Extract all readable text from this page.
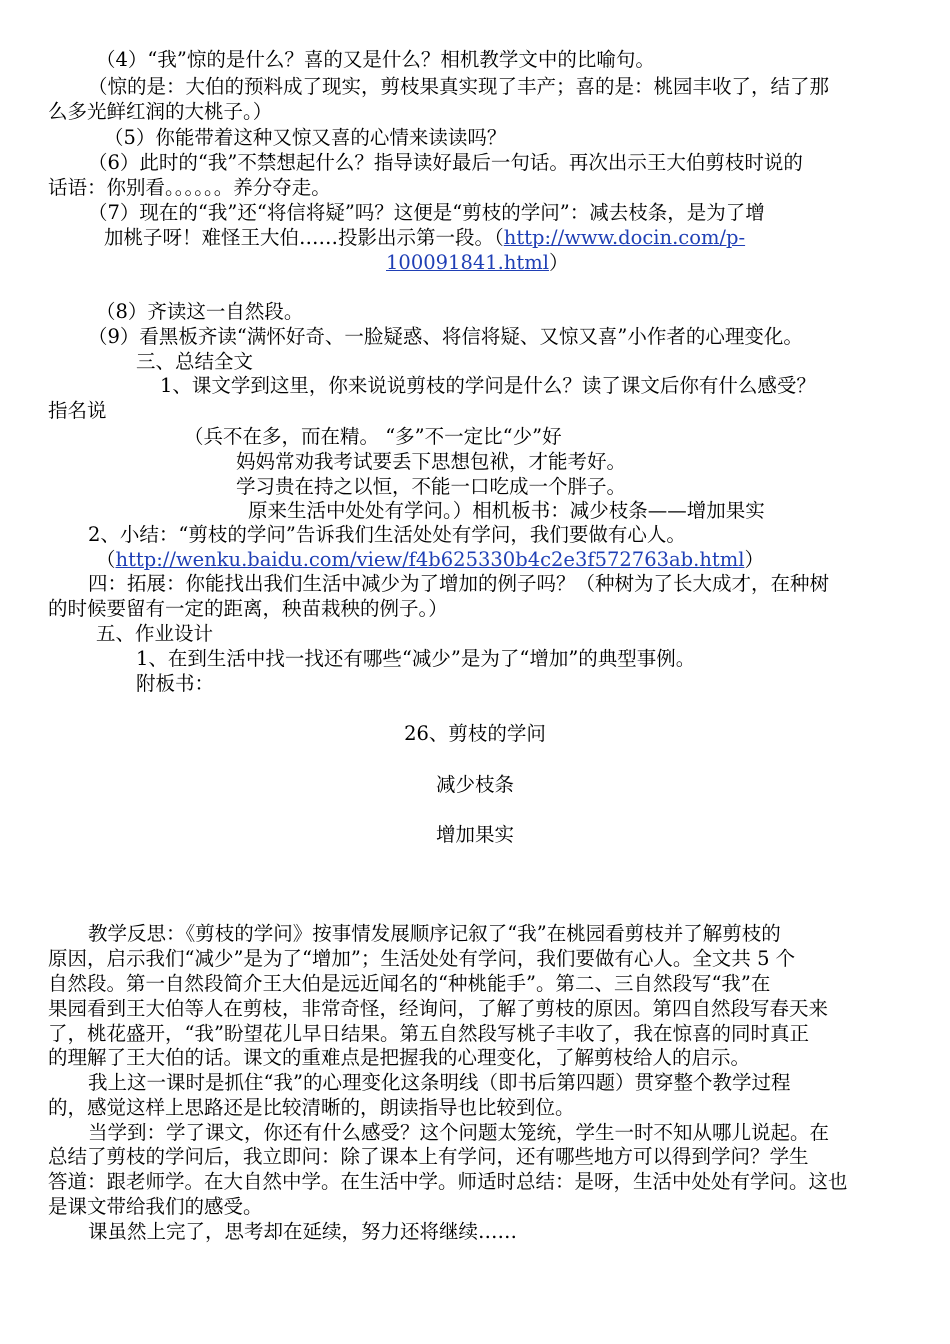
（4）“我”惊的是什么？喜的又是什么？相机教学文中的比喻句。
（惊的是：大伯的预料成了现实，剪枝果真实现了丰产；喜的是：桃园丰收了，结了那
么多光鲜红润的大桃子。）
（5）你能带着这种又惊又喜的心情来读读吗？
（6）此时的“我”不禁想起什么？指导读好最后一句话。再次出示王大伯剪枝时说的
话语：你别看。。。。。。养分夺走。
（7）现在的“我”还“将信将疑”吗？这便是“剪枝的学问”：减去枝条，是为了增
加桃子呀！难怪王大伯……投影出示第一段。（http://www.docin.com/p-
100091841.html）
（8）齐读这一自然段。
（9）看黑板齐读“满怀好奇、一脸疑惑、将信将疑、又惊又喜”小作者的心理变化。
三、总结全文
1、课文学到这里，你来说说剪枝的学问是什么？读了课文后你有什么感受？
指名说
（兵不在多，而在精。 “多”不一定比“少”好
妈妈常劝我考试要丢下思想包袱，才能考好。
学习贵在持之以恒，不能一口吃成一个胖子。
原来生活中处处有学问。）相机板书：减少枝条——增加果实
2、小结：“剪枝的学问”告诉我们生活处处有学问，我们要做有心人。
（http://wenku.baidu.com/view/f4b625330b4c2e3f572763ab.html）
四：拓展：你能找出我们生活中减少为了增加的例子吗？（种树为了长大成才，在种树
的时候要留有一定的距离，秧苗栽秧的例子。）
五、作业设计
1、在到生活中找一找还有哪些“减少”是为了“增加”的典型事例。
附板书：
26、剪枝的学问
减少枝条
增加果实
教学反思：《剪枝的学问》按事情发展顺序记叙了“我”在桃园看剪枝并了解剪枝的
原因，启示我们“减少”是为了“增加”；生活处处有学问，我们要做有心人。全文共 5 个
自然段。第一自然段简介王大伯是远近闻名的“种桃能手”。第二、三自然段写“我”在
果园看到王大伯等人在剪枝，非常奇怪，经询问，了解了剪枝的原因。第四自然段写春天来
了，桃花盛开，“我”盼望花儿早日结果。第五自然段写桃子丰收了，我在惊喜的同时真正
的理解了王大伯的话。课文的重难点是把握我的心理变化，了解剪枝给人的启示。
我上这一课时是抓住“我”的心理变化这条明线（即书后第四题）贯穿整个教学过程
的，感觉这样上思路还是比较清晰的，朗读指导也比较到位。
当学到：学了课文，你还有什么感受？这个问题太笼统，学生一时不知从哪儿说起。在
总结了剪枝的学问后，我立即问：除了课本上有学问，还有哪些地方可以得到学问？学生
答道：跟老师学。在大自然中学。在生活中学。师适时总结：是呀，生活中处处有学问。这也
是课文带给我们的感受。
课虽然上完了，思考却在延续，努力还将继续……
